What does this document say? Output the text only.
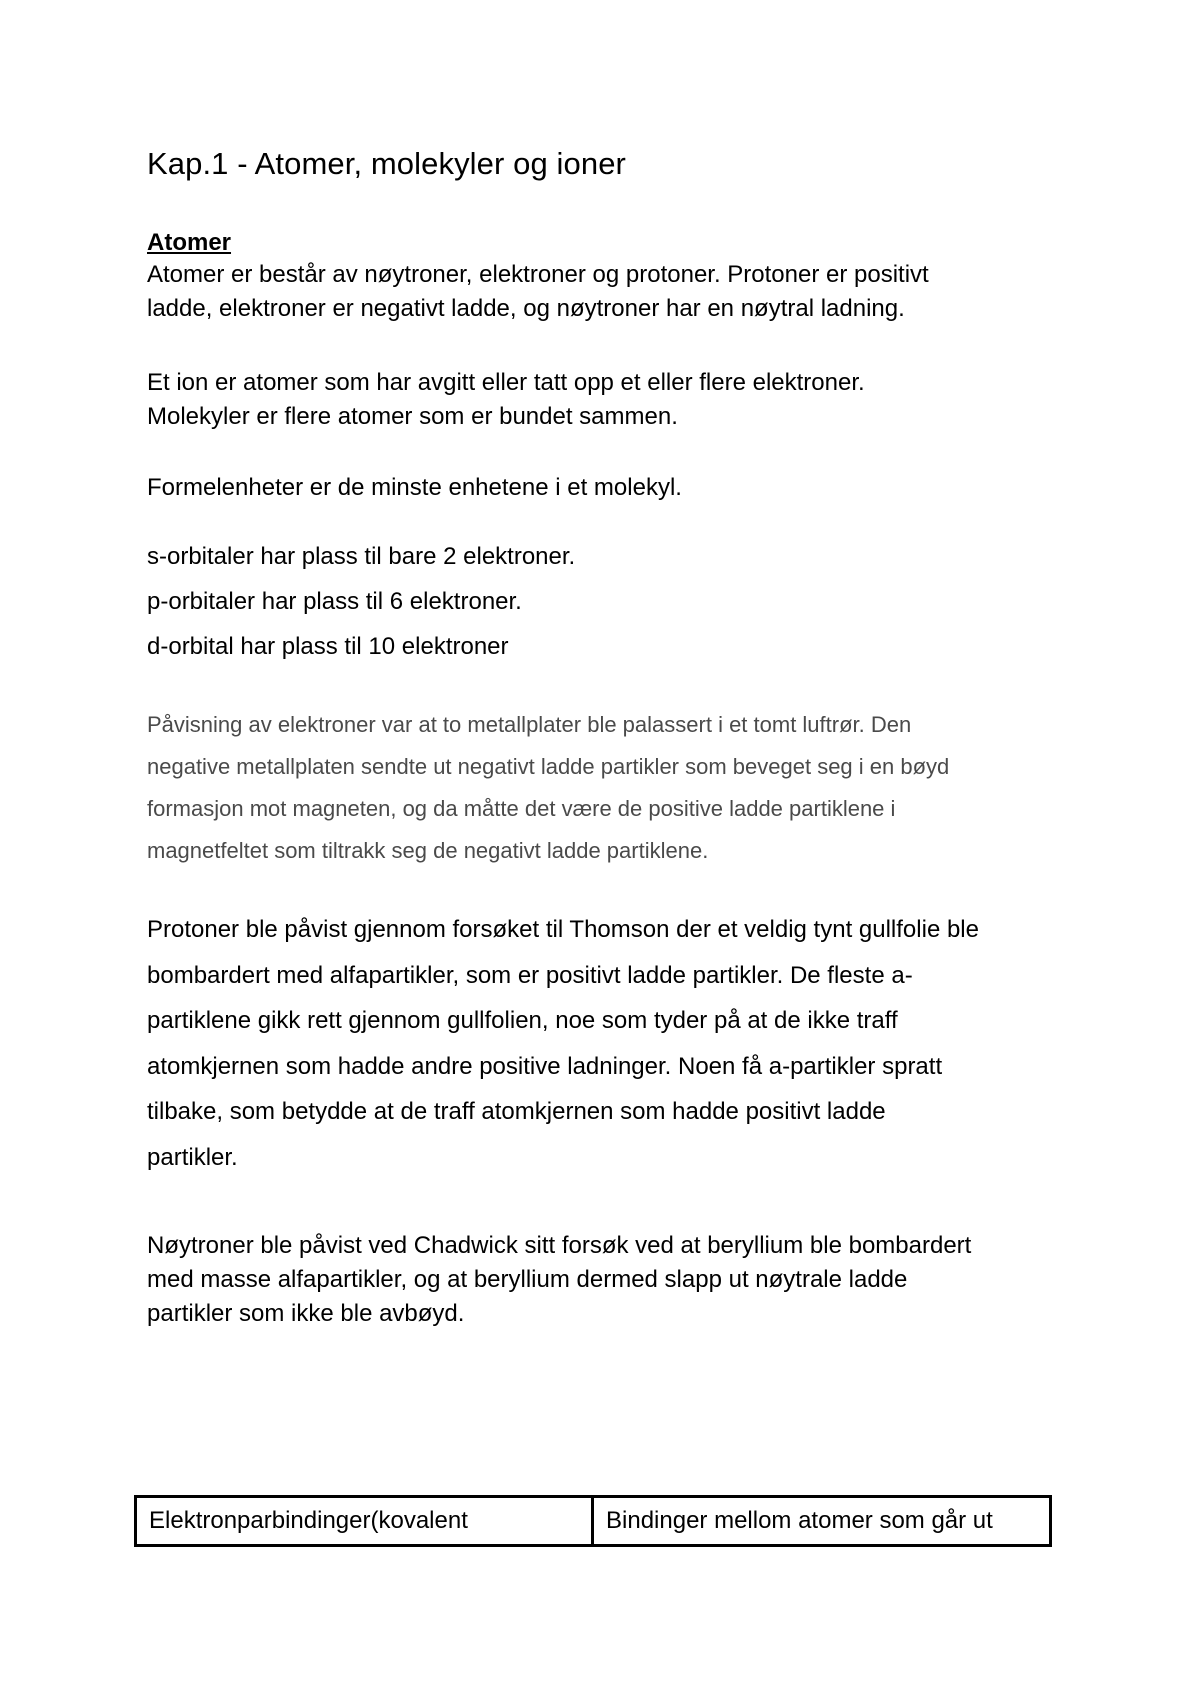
Kap.1 - Atomer, molekyler og ioner
Atomer

Atomer er består av nøytroner, elektroner og protoner. Protoner er positivt
ladde, elektroner er negativt ladde, og nøytroner har en nøytral ladning.

Et ion er atomer som har avgitt eller tatt opp et eller flere elektroner.
Molekyler er flere atomer som er bundet sammen.

Formelenheter er de minste enhetene i et molekyl.

s-orbitaler har plass til bare 2 elektroner.
p-orbitaler har plass til 6 elektroner.
d-orbital har plass til 10 elektroner

Påvisning av elektroner var at to metallplater ble palassert i et tomt luftrør. Den
negative metallplaten sendte ut negativt ladde partikler som beveget seg i en bøyd
formasjon mot magneten, og da måtte det være de positive ladde partiklene i
magnetfeltet som tiltrakk seg de negativt ladde partiklene.

Protoner ble påvist gjennom forsøket til Thomson der et veldig tynt gullfolie ble
bombardert med alfapartikler, som er positivt ladde partikler. De fleste a-
partiklene gikk rett gjennom gullfolien, noe som tyder på at de ikke traff
atomkjernen som hadde andre positive ladninger. Noen få a-partikler spratt
tilbake, som betydde at de traff atomkjernen som hadde positivt ladde
partikler.

Nøytroner ble påvist ved Chadwick sitt forsøk ved at beryllium ble bombardert
med masse alfapartikler, og at beryllium dermed slapp ut nøytrale ladde
partikler som ikke ble avbøyd.

Elektronparbindinger(kovalent	Bindinger mellom atomer som går ut
